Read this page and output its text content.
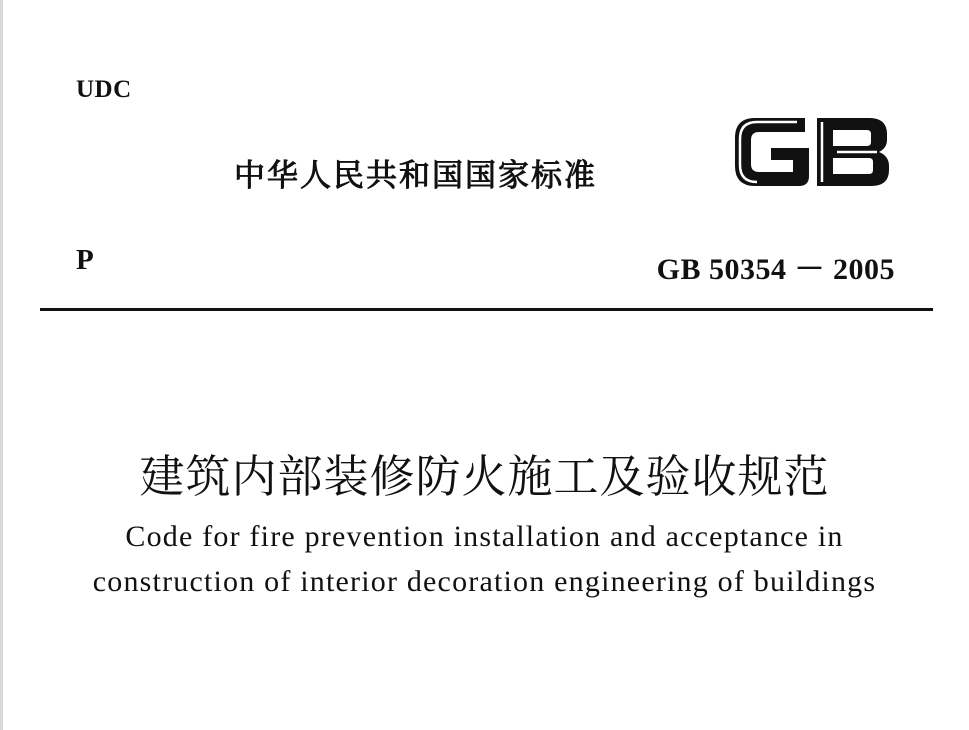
UDC
中华人民共和国国家标准
P	GB 50354 － 2005
建筑内部装修防火施工及验收规范
Code for fire prevention installation and acceptance in
construction of interior decoration engineering of buildings
